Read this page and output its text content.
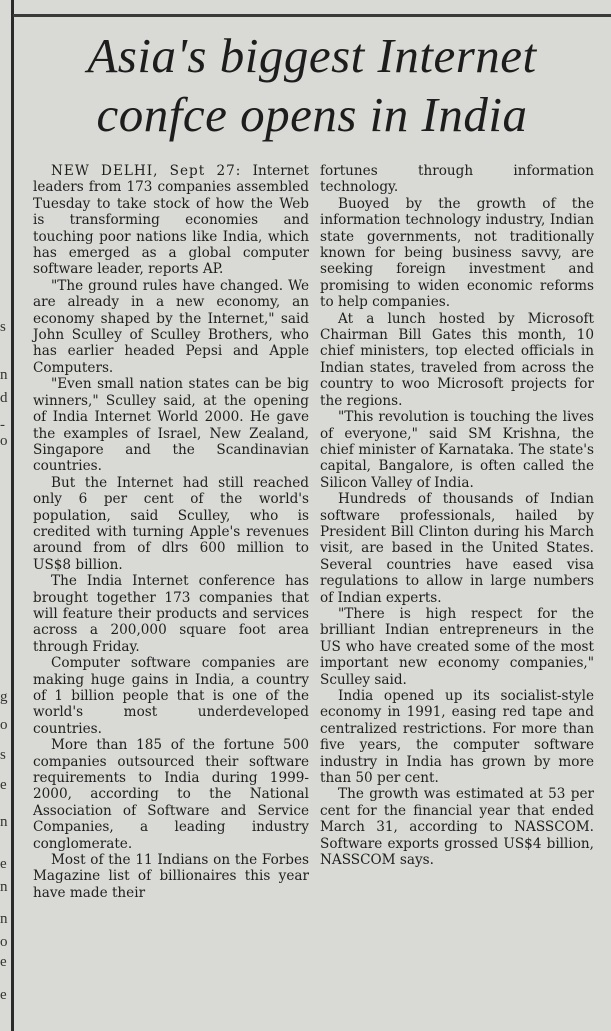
s
n
d
-
o
g
o
s
e
n
e
n
n
o
e
e
Asia's biggest Internet
confce opens in India

NEW DELHI, Sept 27: Internet leaders from 173 companies assembled Tuesday to take stock of how the Web is transforming economies and touching poor nations like India, which has emerged as a global computer software leader, reports AP.

"The ground rules have changed. We are already in a new economy, an economy shaped by the Internet," said John Sculley of Sculley Brothers, who has earlier headed Pepsi and Apple Computers.

"Even small nation states can be big winners," Sculley said, at the opening of India Internet World 2000. He gave the examples of Israel, New Zealand, Singapore and the Scandinavian countries.

But the Internet had still reached only 6 per cent of the world's population, said Sculley, who is credited with turning Apple's revenues around from of dlrs 600 million to US$8 billion.

The India Internet conference has brought together 173 companies that will feature their products and services across a 200,000 square foot area through Friday.

Computer software companies are making huge gains in India, a country of 1 billion people that is one of the world's most underdeveloped countries.

More than 185 of the fortune 500 companies outsourced their software requirements to India during 1999-2000, according to the National Association of Software and Service Companies, a leading industry conglomerate.

Most of the 11 Indians on the Forbes Magazine list of billionaires this year have made their

fortunes through information technology.

Buoyed by the growth of the information technology industry, Indian state governments, not traditionally known for being business savvy, are seeking foreign investment and promising to widen economic reforms to help companies.

At a lunch hosted by Microsoft Chairman Bill Gates this month, 10 chief ministers, top elected officials in Indian states, traveled from across the country to woo Microsoft projects for the regions.

"This revolution is touching the lives of everyone," said SM Krishna, the chief minister of Karnataka. The state's capital, Bangalore, is often called the Silicon Valley of India.

Hundreds of thousands of Indian software professionals, hailed by President Bill Clinton during his March visit, are based in the United States. Several countries have eased visa regulations to allow in large numbers of Indian experts.

"There is high respect for the brilliant Indian entrepreneurs in the US who have created some of the most important new economy companies," Sculley said.

India opened up its socialist-style economy in 1991, easing red tape and centralized restrictions. For more than five years, the computer software industry in India has grown by more than 50 per cent.

The growth was estimated at 53 per cent for the financial year that ended March 31, according to NASSCOM. Software exports grossed US$4 billion, NASSCOM says.
